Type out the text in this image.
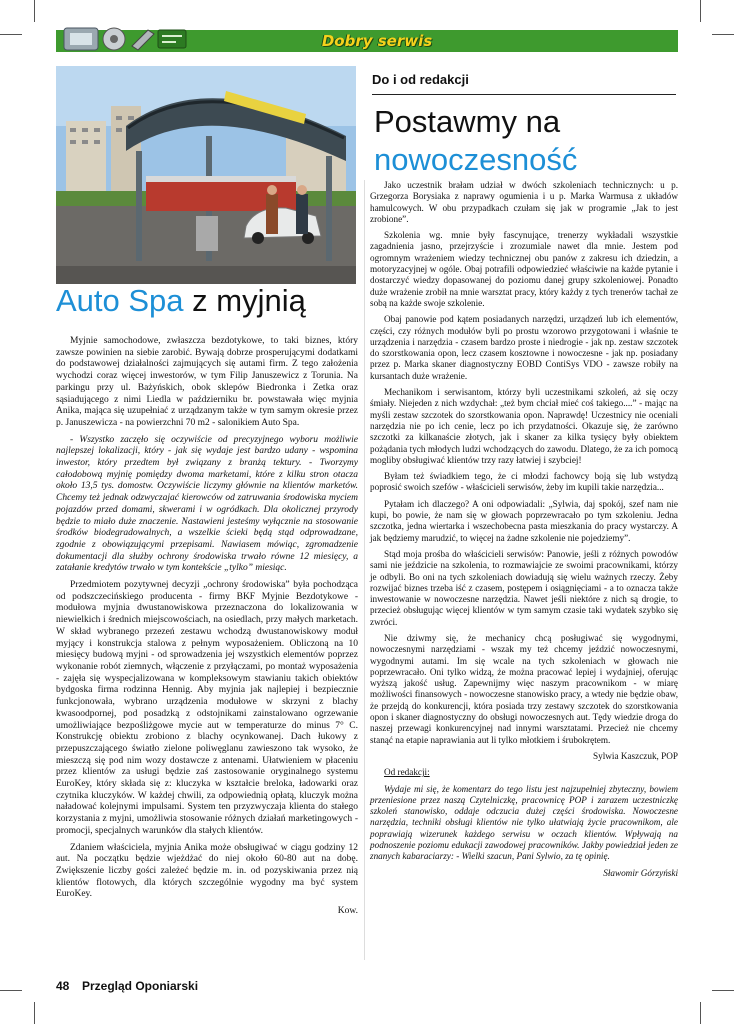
Dobry serwis
Auto Spa z myjnią

Myjnie samochodowe, zwłaszcza bezdotykowe, to taki biznes, który zawsze powinien na siebie zarobić. Bywają dobrze prosperującymi dodatkami do podstawowej działalności zajmujących się autami firm. Z tego założenia wychodzi coraz więcej inwestorów, w tym Filip Januszewicz z Torunia. Na parkingu przy ul. Bażyńskich, obok sklepów Biedronka i Zetka oraz sąsiadującego z nimi Liedla w październiku br. powstawała więc myjnia Anika, mająca się uzupełniać z urządzanym także w tym samym okresie przez p. Januszewicza - na powierzchni 70 m2 - salonikiem Auto Spa.

- Wszystko zaczęło się oczywiście od precyzyjnego wyboru możliwie najlepszej lokalizacji, który - jak się wydaje jest bardzo udany - wspomina inwestor, który przedtem był związany z branżą tektury. - Tworzymy całodobową myjnię pomiędzy dwoma marketami, które z kilku stron otacza około 13,5 tys. domostw. Oczywiście liczymy głównie na klientów marketów. Chcemy też jednak odzwyczajać kierowców od zatruwania środowiska myciem pojazdów przed domami, skwerami i w ogródkach. Dla okolicznej przyrody będzie to miało duże znaczenie. Nastawieni jesteśmy wyłącznie na stosowanie środków biodegradowalnych, a wszelkie ścieki będą stąd odprowadzane, zgodnie z obowiązującymi przepisami. Nawiasem mówiąc, zgromadzenie dokumentacji dla służby ochrony środowiska trwało równe 12 miesięcy, a zatałanie kredytów trwało w tym kontekście „tylko” miesiąc.

Przedmiotem pozytywnej decyzji „ochrony środowiska” była pochodząca od podszczecińskiego producenta - firmy BKF Myjnie Bezdotykowe - modułowa myjnia dwustanowiskowa przeznaczona do lokalizowania w niewielkich i średnich miejscowościach, na osiedlach, przy małych marketach. W skład wybranego przezeń zestawu wchodzą dwustanowiskowy moduł myjący i konstrukcja stalowa z pełnym wyposażeniem. Obliczoną na 10 miesięcy budową myjni - od sprowadzenia jej wszystkich elementów poprzez wykonanie robót ziemnych, włączenie z przyłączami, po montaż wyposażenia - zajęła się wyspecjalizowana w kompleksowym stawianiu takich obiektów bydgoska firma rodzinna Hennig. Aby myjnia jak najlepiej i bezpiecznie funkcjonowała, wybrano urządzenia modułowe w skrzyni z blachy kwasoodpornej, pod posadzką z odstojnikami zainstalowano ogrzewanie umożliwiające bezpośliżgowe mycie aut w temperaturze do minus 7° C. Konstrukcję obiektu zrobiono z blachy ocynkowanej. Dach łukowy z przepuszczającego światło zielone poliwęglanu zawieszono tak wysoko, że mieszczą się pod nim wozy dostawcze z antenami. Ułatwieniem w płaceniu przez klientów za usługi będzie zaś zastosowanie oryginalnego systemu EuroKey, który składa się z: kluczyka w kształcie breloka, ładowarki oraz czytnika kluczyków. W każdej chwili, za odpowiednią opłatą, kluczyk można naładować kolejnymi impulsami. System ten przyzwyczaja klienta do stałego korzystania z myjni, umożliwia stosowanie różnych działań marketingowych - promocji, specjalnych warunków dla stałych klientów.

Zdaniem właściciela, myjnia Anika może obsługiwać w ciągu godziny 12 aut. Na początku będzie wjeżdżać do niej około 60-80 aut na dobę. Zwiększenie liczby gości zależeć będzie m. in. od pozyskiwania przez nią klientów flotowych, dla których szczególnie wygodny ma być system EuroKey.

Kow.

Do i od redakcji
Postawmy na
nowoczesność

Jako uczestnik brałam udział w dwóch szkoleniach technicznych: u p. Grzegorza Borysiaka z naprawy ogumienia i u p. Marka Warmusa z układów hamulcowych. W obu przypadkach czułam się jak w programie „Jak to jest zrobione”.

Szkolenia wg. mnie były fascynujące, trenerzy wykładali wszystkie zagadnienia jasno, przejrzyście i zrozumiale nawet dla mnie. Jestem pod ogromnym wrażeniem wiedzy technicznej obu panów z zakresu ich dziedzin, a motoryzacyjnej w ogóle. Obaj potrafili odpowiedzieć właściwie na każde pytanie i dostarczyć wiedzy dopasowanej do poziomu danej grupy szkoleniowej. Ponadto duże wrażenie zrobił na mnie warsztat pracy, który każdy z tych trenerów tachał ze sobą na każde swoje szkolenie.

Obaj panowie pod kątem posiadanych narzędzi, urządzeń lub ich elementów, części, czy różnych modułów byli po prostu wzorowo przygotowani i właśnie te urządzenia i narzędzia - czasem bardzo proste i niedrogie - jak np. zestaw szczotek do szorstkowania opon, lecz czasem kosztowne i nowoczesne - jak np. posiadany przez p. Marka skaner diagnostyczny EOBD ContiSys VDO - zawsze robiły na kursantach duże wrażenie.

Mechanikom i serwisantom, którzy byli uczestnikami szkoleń, aż się oczy śmiały. Niejeden z nich wzdychał: „też bym chciał mieć coś takiego....” - mając na myśli zestaw szczotek do szorstkowania opon. Naprawdę! Uczestnicy nie oceniali narzędzia nie po ich cenie, lecz po ich przydatności. Okazuje się, że zarówno szczotki za kilkanaście złotych, jak i skaner za kilka tysięcy były obiektem pożądania tych młodych ludzi wchodzących do zawodu. Dlatego, że za ich pomocą mogliby obsługiwać klientów trzy razy łatwiej i szybciej!

Byłam też świadkiem tego, że ci młodzi fachowcy boją się lub wstydzą poprosić swoich szefów - właścicieli serwisów, żeby im kupili takie narzędzia...

Pytałam ich dlaczego? A oni odpowiadali: „Sylwia, daj spokój, szef nam nie kupi, bo powie, że nam się w głowach poprzewracało po tym szkoleniu. Jedna szczotka, jedna wiertarka i wszechobecna pasta mieszkania do pracy wystarczy. A jak będziemy marudzić, to więcej na żadne szkolenie nie pojedziemy”.

Stąd moja prośba do właścicieli serwisów: Panowie, jeśli z różnych powodów sami nie jeździcie na szkolenia, to rozmawiajcie ze swoimi pracownikami, którzy je odbyli. Bo oni na tych szkoleniach dowiadują się wielu ważnych rzeczy. Żeby rozwijać biznes trzeba iść z czasem, postępem i osiągnięciami - a to oznacza także inwestowanie w nowoczesne narzędzia. Nawet jeśli niektóre z nich są drogie, to przecież obsługując więcej klientów w tym samym czasie taki wydatek szybko się zwróci.

Nie dziwmy się, że mechanicy chcą posługiwać się wygodnymi, nowoczesnymi narzędziami - wszak my też chcemy jeździć nowoczesnymi, wygodnymi autami. Im się wcale na tych szkoleniach w głowach nie poprzewracało. Oni tylko widzą, że można pracować lepiej i wydajniej, oferując wyższą jakość usług. Zapewnijmy więc naszym pracownikom - w miarę możliwości finansowych - nowoczesne stanowisko pracy, a wtedy nie będzie obaw, że przejdą do konkurencji, która posiada trzy zestawy szczotek do szorstkowania opon i skaner diagnostyczny do obsługi nowoczesnych aut. Tędy wiedzie droga do naszej przewagi konkurencyjnej nad innymi warsztatami. Przecież nie chcemy stanąć na etapie naprawiania aut li tylko młotkiem i śrubokrętem.

Sylwia Kaszczuk, POP

Od redakcji:

Wydaje mi się, że komentarz do tego listu jest najzupełniej zbyteczny, bowiem przeniesione przez naszą Czytelniczkę, pracownicę POP i zarazem uczestniczkę szkoleń stanowisko, oddaje odczucia dużej części środowiska. Nowoczesne narzędzia, techniki obsługi klientów nie tylko ułatwiają życie pracownikom, ale poprawiają wizerunek każdego serwisu w oczach klientów. Wpływają na podnoszenie poziomu edukacji zawodowej pracowników. Jakby powiedział jeden ze znanych kabaraciarzy: - Wielki szacun, Pani Sylwio, za tę opinię.

Sławomir Górzyński

48 Przegląd Oponiarski
